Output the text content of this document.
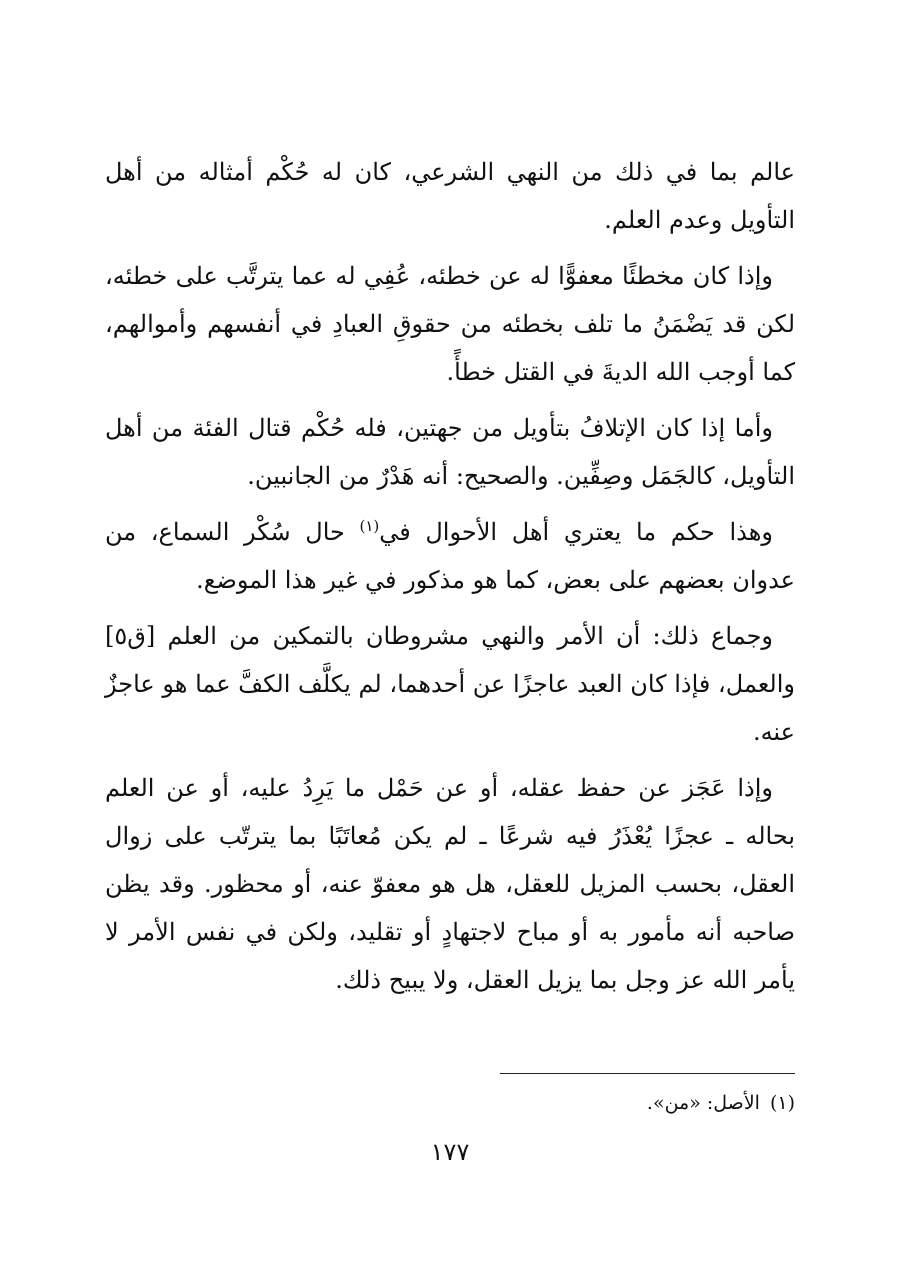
عالم بما في ذلك من النهي الشرعي، كان له حُكْم أمثاله من أهل التأويل وعدم العلم.

وإذا كان مخطئًا معفوًّا له عن خطئه، عُفِي له عما يترتَّب على خطئه، لكن قد يَضْمَنُ ما تلف بخطئه من حقوقِ العبادِ في أنفسهم وأموالهم، كما أوجب الله الديةَ في القتل خطأً.

وأما إذا كان الإتلافُ بتأويل من جهتين، فله حُكْم قتال الفئة من أهل التأويل، كالجَمَل وصِفِّين. والصحيح: أنه هَدْرٌ من الجانبين.

وهذا حكم ما يعتري أهل الأحوال في$^{(١)}$ حال سُكْر السماع، من عدوان بعضهم على بعض، كما هو مذكور في غير هذا الموضع.

وجماع ذلك: أن الأمر والنهي مشروطان بالتمكين من العلم [ق٥] والعمل، فإذا كان العبد عاجزًا عن أحدهما، لم يكلَّف الكفَّ عما هو عاجزٌ عنه.

وإذا عَجَز عن حفظ عقله، أو عن حَمْل ما يَرِدُ عليه، أو عن العلم بحاله ـ عجزًا يُعْذَرُ فيه شرعًا ـ لم يكن مُعاتَبًا بما يترتّب على زوال العقل، بحسب المزيل للعقل، هل هو معفوّ عنه، أو محظور. وقد يظن صاحبه أنه مأمور به أو مباح لاجتهادٍ أو تقليد، ولكن في نفس الأمر لا يأمر الله عز وجل بما يزيل العقل، ولا يبيح ذلك.

(١)الأصل: «من».
١٧٧
